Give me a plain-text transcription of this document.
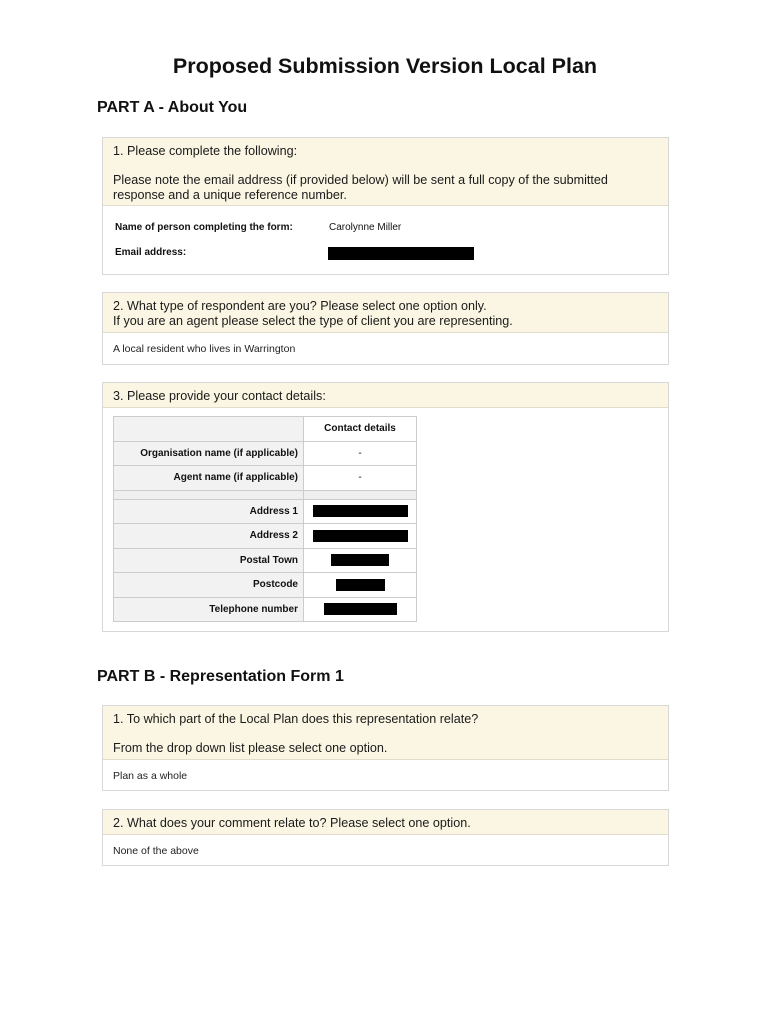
Proposed Submission Version Local Plan
PART A - About You

1. Please complete the following:

Please note the email address (if provided below) will be sent a full copy of the submitted response and a unique reference number.

Name of person completing the form:	Carolynne Miller
Email address:

2. What type of respondent are you? Please select one option only.

If you are an agent please select the type of client you are representing.

A local resident who lives in Warrington

3. Please provide your contact details:

	Contact details
Organisation name (if applicable)	-
Agent name (if applicable)	-

Address 1	
Address 2	
Postal Town	
Postcode	
Telephone number	
PART B - Representation Form 1

1. To which part of the Local Plan does this representation relate?

From the drop down list please select one option.

Plan as a whole

2. What does your comment relate to? Please select one option.

None of the above
